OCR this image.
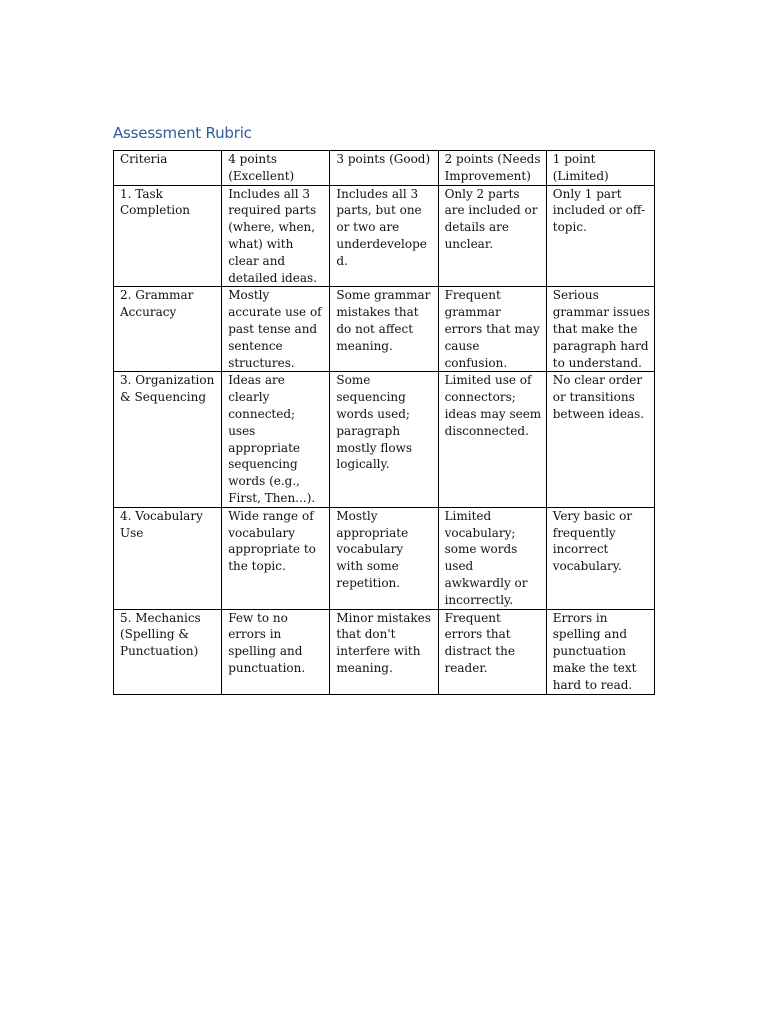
Assessment Rubric
Criteria	4 points (Excellent)	3 points (Good)	2 points (Needs Improvement)	1 point (Limited)

1. Task Completion	Includes all 3 required parts (where, when, what) with clear and detailed ideas.	Includes all 3 parts, but one or two are underdevelope d.	Only 2 parts are included or details are unclear.	Only 1 part included or off-topic.

2. Grammar Accuracy	Mostly accurate use of past tense and sentence structures.	Some grammar mistakes that do not affect meaning.	Frequent grammar errors that may cause confusion.	Serious grammar issues that make the paragraph hard to understand.

3. Organization & Sequencing	Ideas are clearly connected; uses appropriate sequencing words (e.g., First, Then...).	Some sequencing words used; paragraph mostly flows logically.	Limited use of connectors; ideas may seem disconnected.	No clear order or transitions between ideas.

4. Vocabulary Use	Wide range of vocabulary appropriate to the topic.	Mostly appropriate vocabulary with some repetition.	Limited vocabulary; some words used awkwardly or incorrectly.	Very basic or frequently incorrect vocabulary.

5. Mechanics (Spelling & Punctuation)	Few to no errors in spelling and punctuation.	Minor mistakes that don't interfere with meaning.	Frequent errors that distract the reader.	Errors in spelling and punctuation make the text hard to read.
